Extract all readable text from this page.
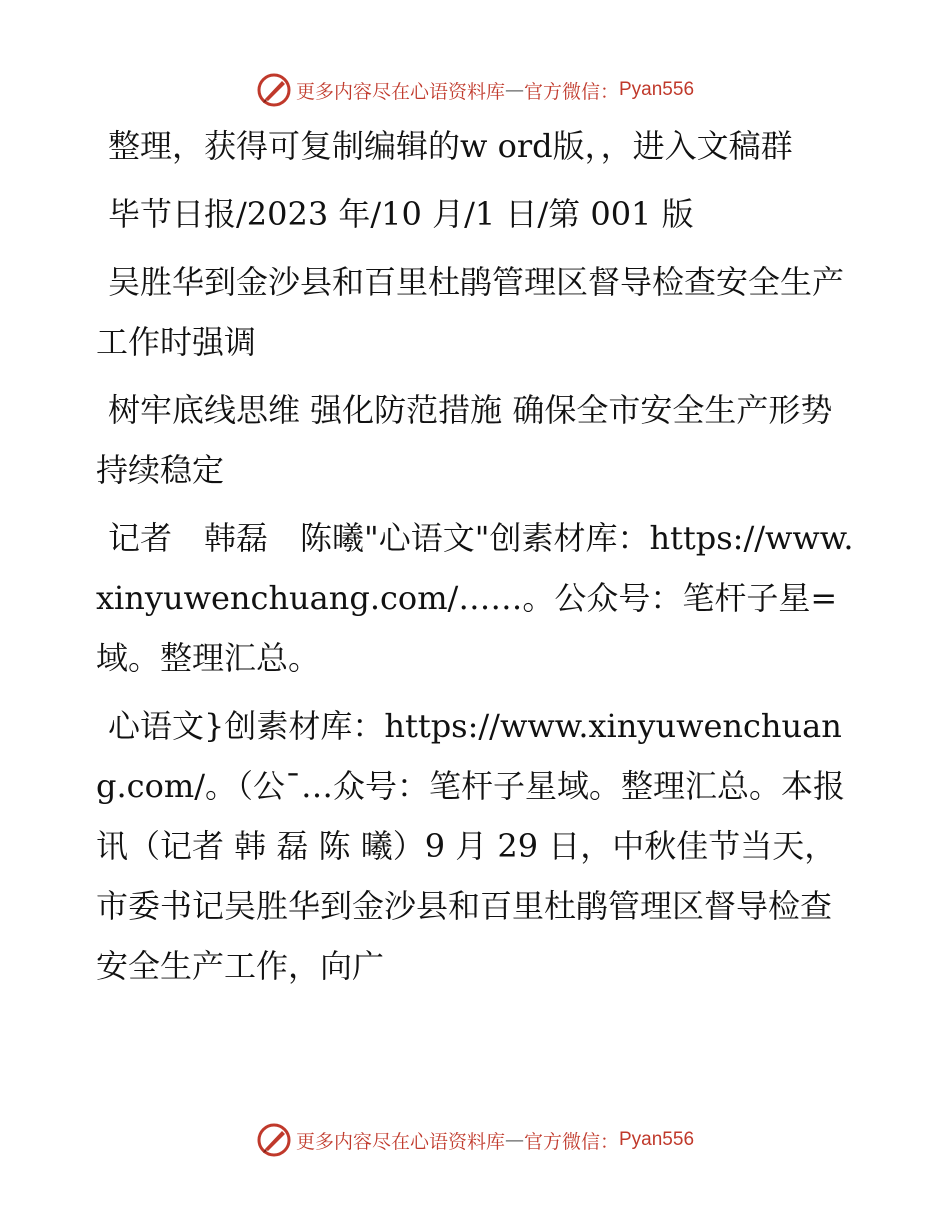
更多内容尽在心语资料库 — 官方微信： Pyan556

整理，获得可复制编辑的w ord版，，进入文稿群

毕节日报/2023 年/10 月/1 日/第 001 版

吴胜华到金沙县和百里杜鹃管理区督导检查安全生产工作时强调

树牢底线思维 强化防范措施 确保全市安全生产形势持续稳定

记者　韩磊　陈曦"心语文"创素材库：https://www.xinyuwenchuang.com/……。公众号：笔杆子星=域。整理汇总。

心语文}创素材库：https://www.xinyuwenchuang.com/。（公¯…众号：笔杆子星域。整理汇总。本报讯（记者 韩 磊 陈 曦）9 月 29 日，中秋佳节当天，市委书记吴胜华到金沙县和百里杜鹃管理区督导检查安全生产工作，向广

更多内容尽在心语资料库 — 官方微信： Pyan556
